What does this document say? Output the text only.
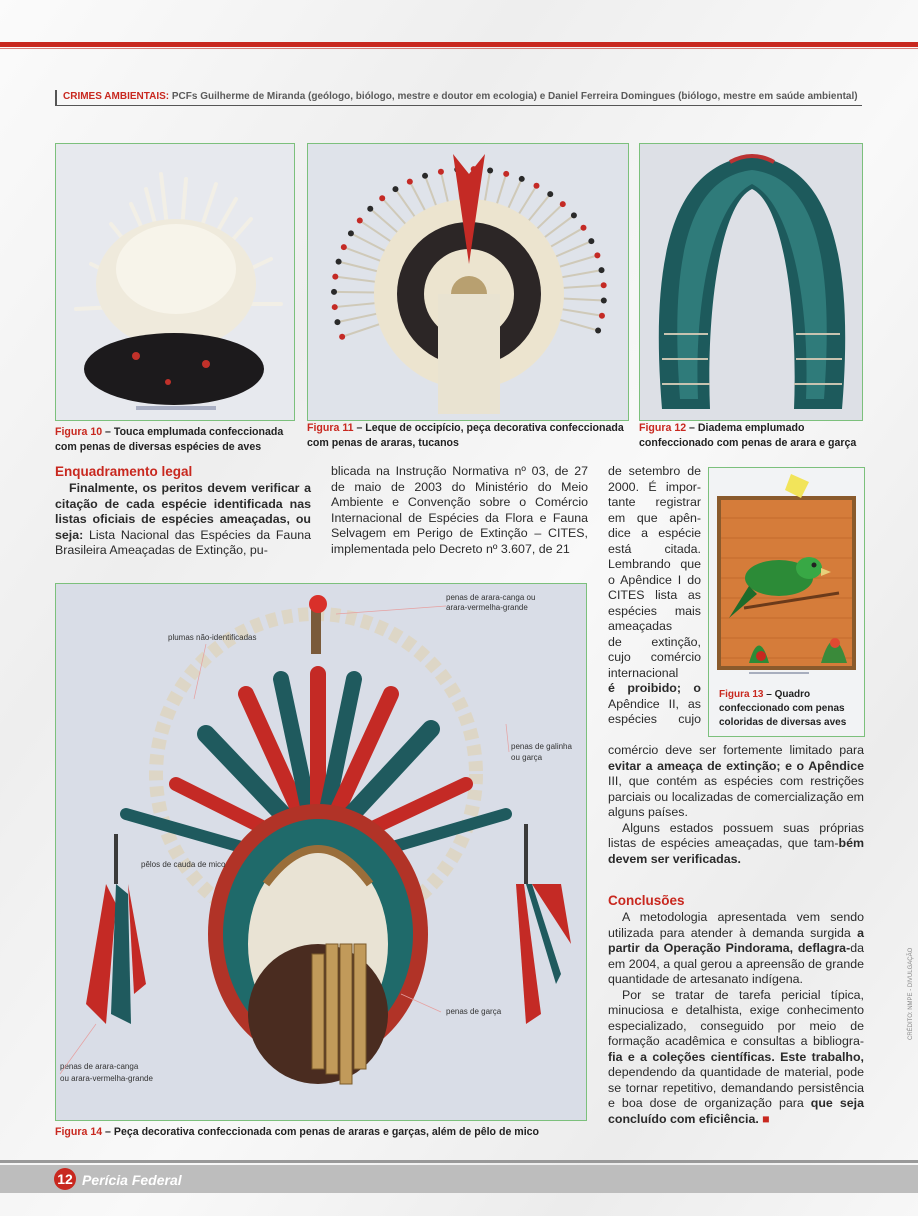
CRIMES AMBIENTAIS: PCFs Guilherme de Miranda (geólogo, biólogo, mestre e doutor em ecologia) e Daniel Ferreira Domingues (biólogo, mestre em saúde ambiental)
Figura 10 – Touca emplumada confeccionada com penas de diversas espécies de aves
Figura 11 – Leque de occipício, peça decorativa confeccionada com penas de araras, tucanos
Figura 12 – Diadema emplumado confeccionado com penas de arara e garça
Enquadramento legal

Finalmente, os peritos devem verificar a citação de cada espécie identificada nas listas oficiais de espécies ameaçadas, ou seja: Lista Nacional das Espécies da Fauna Brasileira Ameaçadas de Extinção, pu-

blicada na Instrução Normativa nº 03, de 27 de maio de 2003 do Ministério do Meio Ambiente e Convenção sobre o Comércio Internacional de Espécies da Flora e Fauna Selvagem em Perigo de Extinção – CITES, implementada pelo Decreto nº 3.607, de 21

de setembro de
2000. É impor-
tante registrar
em que apên-
dice a espécie
está citada.
Lembrando que
o Apêndice I do
CITES lista as
espécies mais
ameaçadas
de extinção,
cujo comércio
internacional
é proibido; o
Apêndice II, as
espécies cujo
Figura 13 – Quadro confeccionado com penas coloridas de diversas aves

comércio deve ser fortemente limitado para evitar a ameaça de extinção; e o Apêndice III, que contém as espécies com restrições parciais ou localizadas de comercialização em alguns países.

Alguns estados possuem suas próprias listas de espécies ameaçadas, que tam-bém devem ser verificadas.

Conclusões

A metodologia apresentada vem sendo utilizada para atender à demanda surgida a partir da Operação Pindorama, deflagra-da em 2004, a qual gerou a apreensão de grande quantidade de artesanato indígena.

Por se tratar de tarefa pericial típica, minuciosa e detalhista, exige conhecimento especializado, conseguido por meio de formação acadêmica e consultas a bibliogra-fia e a coleções científicas. Este trabalho, dependendo da quantidade de material, pode se tornar repetitivo, demandando persistência e boa dose de organização para que seja concluído com eficiência. ■

penas de arara-canga ou
arara-vermelha-grande
plumas não-identificadas
penas de galinha
ou garça
pêlos de cauda de mico
penas de garça
penas de arara-canga
ou arara-vermelha-grande
Figura 14 – Peça decorativa confeccionada com penas de araras e garças, além de pêlo de mico
12 Perícia Federal
CRÉDITO: NMPE - DIVULGAÇÃO
